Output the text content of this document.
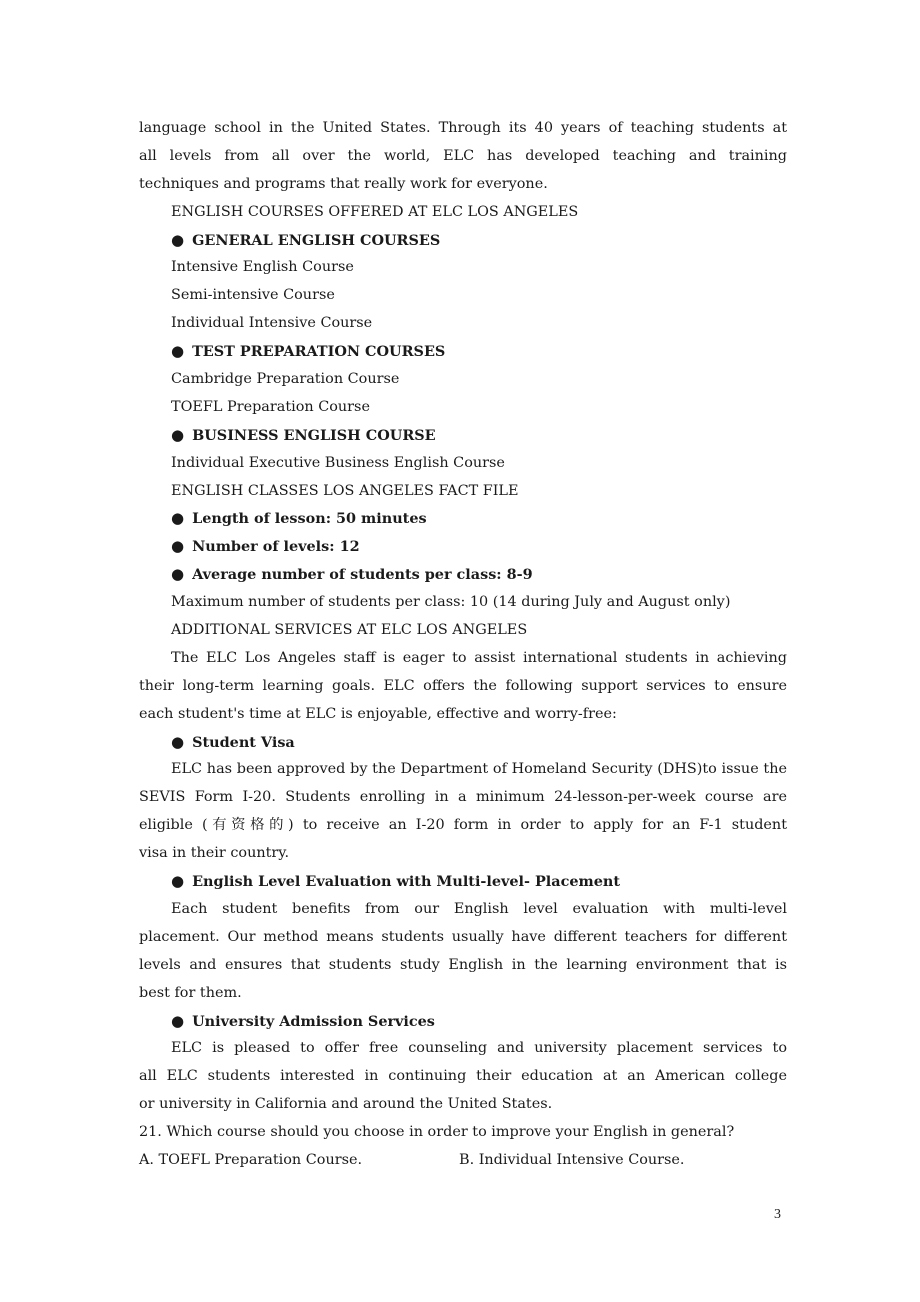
language school in the United States. Through its 40 years of teaching students at
all levels from all over the world, ELC has developed teaching and training
techniques and programs that really work for everyone.
ENGLISH COURSES OFFERED AT ELC LOS ANGELES
● GENERAL ENGLISH COURSES
Intensive English Course
Semi-intensive Course
Individual Intensive Course
● TEST PREPARATION COURSES
Cambridge Preparation Course
TOEFL Preparation Course
● BUSINESS ENGLISH COURSE
Individual Executive Business English Course
ENGLISH CLASSES LOS ANGELES FACT FILE
● Length of lesson: 50 minutes
● Number of levels: 12
● Average number of students per class: 8-9
Maximum number of students per class: 10 (14 during July and August only)
ADDITIONAL SERVICES AT ELC LOS ANGELES
The ELC Los Angeles staff is eager to assist international students in achieving
their long-term learning goals. ELC offers the following support services to ensure
each student's time at ELC is enjoyable, effective and worry-free:
● Student Visa
ELC has been approved by the Department of Homeland Security (DHS)to issue the
SEVIS Form I-20. Students enrolling in a minimum 24-lesson-per-week course are
eligible (有资格的) to receive an I-20 form in order to apply for an F-1 student
visa in their country.
● English Level Evaluation with Multi-level- Placement
Each student benefits from our English level evaluation with multi-level
placement. Our method means students usually have different teachers for different
levels and ensures that students study English in the learning environment that is
best for them.
● University Admission Services
ELC is pleased to offer free counseling and university placement services to
all ELC students interested in continuing their education at an American college
or university in California and around the United States.
21. Which course should you choose in order to improve your English in general?
A. TOEFL Preparation Course.	B. Individual Intensive Course.
3
